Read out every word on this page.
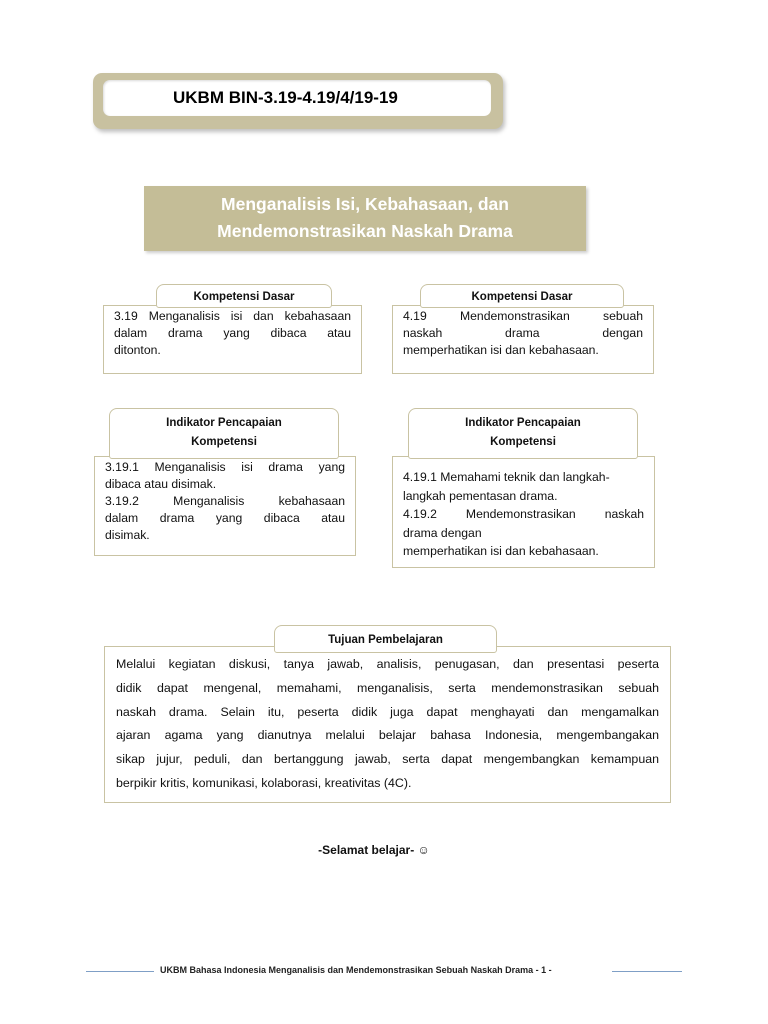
UKBM BIN-3.19-4.19/4/19-19
Menganalisis Isi, Kebahasaan, dan
Mendemonstrasikan Naskah Drama
3.19 Menganalisis isi dan kebahasaan
dalam drama yang dibaca atau
ditonton.
Kompetensi Dasar
4.19 Mendemonstrasikan sebuah
naskah drama dengan
memperhatikan isi dan kebahasaan.
Kompetensi Dasar
3.19.1 Menganalisis isi drama yang
dibaca atau disimak.
3.19.2 Menganalisis kebahasaan
dalam drama yang dibaca atau
disimak.
Indikator Pencapaian
Kompetensi
4.19.1 Memahami teknik dan langkah-
langkah pementasan drama.
4.19.2 Mendemonstrasikan naskah
drama dengan
memperhatikan isi dan kebahasaan.
Indikator Pencapaian
Kompetensi
Melalui kegiatan diskusi, tanya jawab, analisis, penugasan, dan presentasi peserta
didik dapat mengenal, memahami, menganalisis, serta mendemonstrasikan sebuah
naskah drama. Selain itu, peserta didik juga dapat menghayati dan mengamalkan
ajaran agama yang dianutnya melalui belajar bahasa Indonesia, mengembangakan
sikap jujur, peduli, dan bertanggung jawab, serta dapat mengembangkan kemampuan
berpikir kritis, komunikasi, kolaborasi, kreativitas (4C).
Tujuan Pembelajaran
-Selamat belajar- ☺
UKBM Bahasa Indonesia Menganalisis dan Mendemonstrasikan Sebuah Naskah Drama - 1 -
